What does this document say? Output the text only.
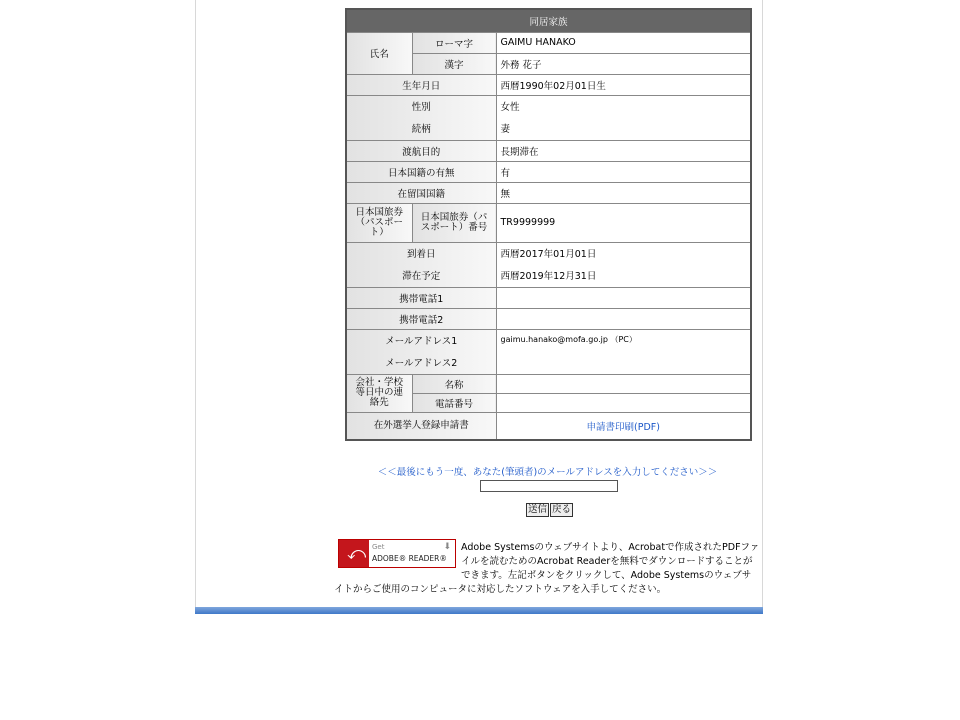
同居家族		
氏名	ローマ字	GAIMU HANAKO
	漢字	外務 花子
生年月日		西暦1990年02月01日生
性別		女性
続柄		妻
渡航目的		長期滞在
日本国籍の有無		有
在留国国籍		無
日本国旅券（パスポート）	日本国旅券（パスポート）番号	TR9999999
到着日		西暦2017年01月01日
滞在予定		西暦2019年12月31日
携帯電話1		
携帯電話2		
メールアドレス1		gaimu.hanako@mofa.go.jp （PC）
メールアドレス2		
会社・学校等日中の連絡先	名称	
	電話番号	
在外選挙人登録申請書		申請書印刷(PDF)
＜＜最後にもう一度、あなた(筆頭者)のメールアドレスを入力してください＞＞
送信 戻る
Adobe Systemsのウェブサイトより、Acrobatで作成されたPDFファイルを読むためのAcrobat Readerを無料でダウンロードすることができます。左記ボタンをクリックして、Adobe Systemsのウェブサイトからご使用のコンピュータに対応したソフトウェアを入手してください。
⤺ Get
ADOBE® READER®
⬇
